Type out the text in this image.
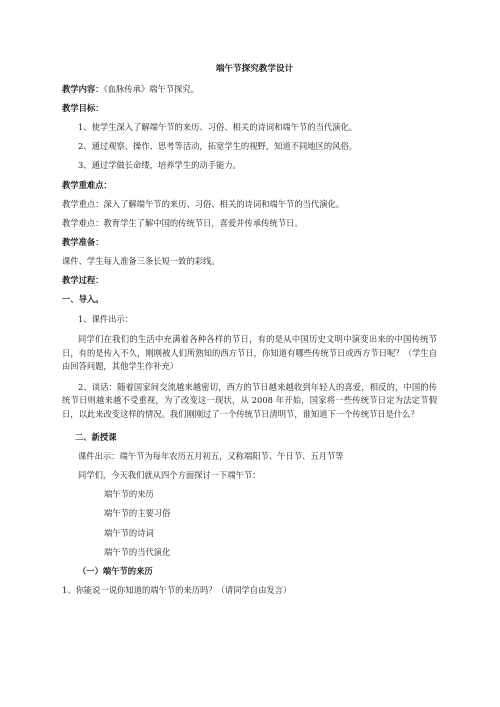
端午节探究教学设计
教学内容：《血脉传承》端午节探究。
教学目标：
1、使学生深入了解端午节的来历、习俗、相关的诗词和端午节的当代演化。
2、通过观察、操作、思考等活动，拓宽学生的视野，知道不同地区的风俗。
3、通过学做长命缕，培养学生的动手能力。
教学重难点：
教学重点：深入了解端午节的来历、习俗、相关的诗词和端午节的当代演化。
教学难点：教育学生了解中国的传统节日，喜爱并传承传统节日。
教学准备：
课件、学生每人准备三条长短一致的彩线。
教学过程：
一、导入。
1、课件出示：
同学们在我们的生活中充满着各种各样的节日，有的是从中国历史文明中演变出来的中国传统节日，有的是传入不久，刚刚被人们所熟知的西方节日，你知道有哪些传统节日或西方节日呢？（学生自由回答问题，其他学生作补充）
2、谈话：随着国家间交流越来越密切，西方的节日越来越收到年轻人的喜爱，相反的，中国的传统节日则越来越不受重视，为了改变这一现状，从 2008 年开始，国家将一些传统节日定为法定节假日，以此来改变这样的情况。我们刚刚过了一个传统节日清明节，谁知道下一个传统节日是什么？
二、新授课
课件出示：端午节为每年农历五月初五，又称端阳节、午日节、五月节等
同学们，今天我们就从四个方面探讨一下端午节：
端午节的来历
端午节的主要习俗
端午节的诗词
端午节的当代演化
（一）端午节的来历
1、你能说一说你知道的端午节的来历吗？（请同学自由发言）
